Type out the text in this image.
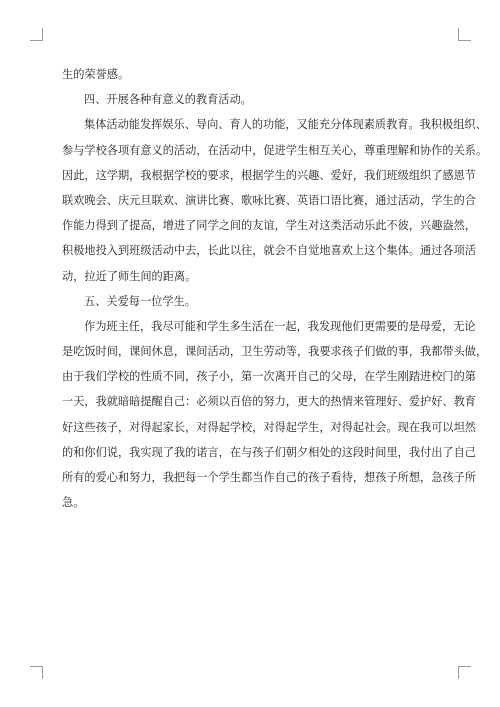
生的荣誉感。
四、开展各种有意义的教育活动。
集体活动能发挥娱乐、导向、育人的功能，又能充分体现素质教育。我积极组织、
参与学校各项有意义的活动，在活动中，促进学生相互关心，尊重理解和协作的关系。
因此，这学期，我根据学校的要求，根据学生的兴趣、爱好，我们班级组织了感恩节
联欢晚会、庆元旦联欢、演讲比赛、歌咏比赛、英语口语比赛，通过活动，学生的合
作能力得到了提高，增进了同学之间的友谊，学生对这类活动乐此不彼，兴趣盎然，
积极地投入到班级活动中去，长此以往，就会不自觉地喜欢上这个集体。通过各项活
动，拉近了师生间的距离。
五、关爱每一位学生。
作为班主任，我尽可能和学生多生活在一起，我发现他们更需要的是母爱，无论
是吃饭时间，课间休息，课间活动，卫生劳动等，我要求孩子们做的事，我都带头做，
由于我们学校的性质不同，孩子小，第一次离开自己的父母，在学生刚踏进校门的第
一天，我就暗暗提醒自己：必须以百倍的努力，更大的热情来管理好、爱护好、教育
好这些孩子，对得起家长，对得起学校，对得起学生，对得起社会。现在我可以坦然
的和你们说，我实现了我的诺言，在与孩子们朝夕相处的这段时间里，我付出了自己
所有的爱心和努力，我把每一个学生都当作自己的孩子看待，想孩子所想，急孩子所
急。
